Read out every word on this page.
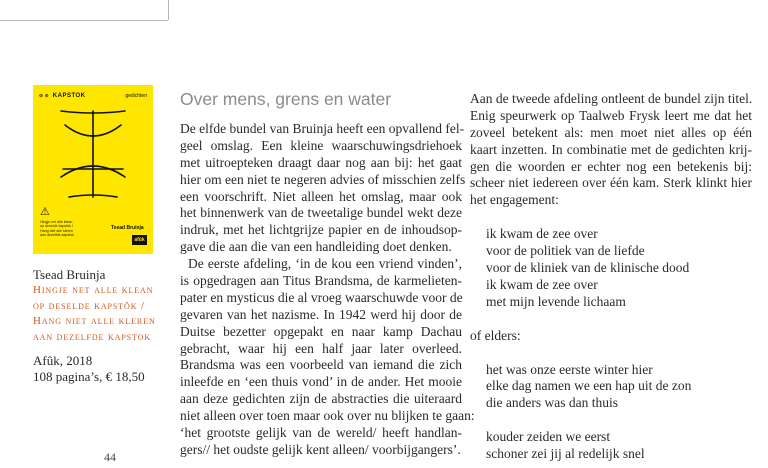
⊙ ⊙ KAPSTOK	gedichten
⚠
Hingje net alle klean
op deselde kapstôk /
Hang niet alle kleren
aan dezelfde kapstok
Tsead Bruinja
afûk
Tsead Bruinja
Hingje net alle klean
op deselde kapstôk /
Hang niet alle kleren
aan dezelfde kapstok
Afûk, 2018
108 pagina’s, € 18,50
44
Over mens, grens en water

De elfde bundel van Bruinja heeft een opvallend fel-

geel omslag. Een kleine waarschuwingsdriehoek

met uitroepteken draagt daar nog aan bij: het gaat

hier om een niet te negeren advies of misschien zelfs

een voorschrift. Niet alleen het omslag, maar ook

het binnenwerk van de tweetalige bundel wekt deze

indruk, met het lichtgrijze papier en de inhoudsop-

gave die aan die van een handleiding doet denken.

De eerste afdeling, ‘in de kou een vriend vinden’,

is opgedragen aan Titus Brandsma, de karmelieten-

pater en mysticus die al vroeg waarschuwde voor de

gevaren van het nazisme. In 1942 werd hij door de

Duitse bezetter opgepakt en naar kamp Dachau

gebracht, waar hij een half jaar later overleed.

Brandsma was een voorbeeld van iemand die zich

inleefde en ‘een thuis vond’ in de ander. Het mooie

aan deze gedichten zijn de abstracties die uiteraard

niet alleen over toen maar ook over nu blijken te gaan:

‘het grootste gelijk van de wereld/ heeft handlan-

gers// het oudste gelijk kent alleen/ voorbijgangers’.

Aan de tweede afdeling ontleent de bundel zijn titel.

Enig speurwerk op Taalweb Frysk leert me dat het

zoveel betekent als: men moet niet alles op één

kaart inzetten. In combinatie met de gedichten krij-

gen die woorden er echter nog een betekenis bij:

scheer niet iedereen over één kam. Sterk klinkt hier

het engagement:

ik kwam de zee over
voor de politiek van de liefde
voor de kliniek van de klinische dood
ik kwam de zee over
met mijn levende lichaam

of elders:

het was onze eerste winter hier
elke dag namen we een hap uit de zon
die anders was dan thuis
kouder zeiden we eerst
schoner zei jij al redelijk snel
